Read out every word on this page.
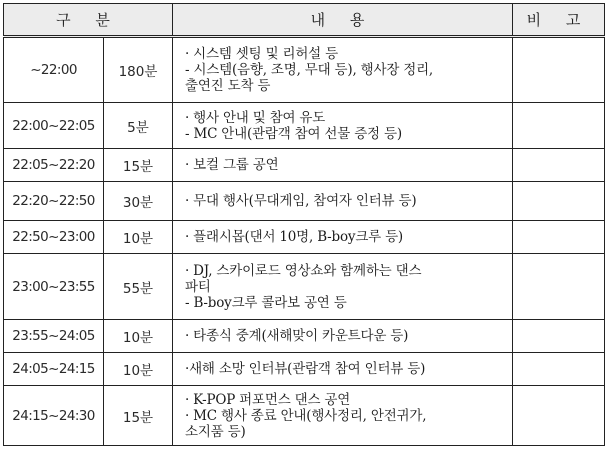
구 분		내 용	비 고
~22:00	180분	· 시스템 셋팅 및 리허설 등
- 시스템(음향, 조명, 무대 등), 행사장 정리,
출연진 도착 등	

22:00~22:05	5분	· 행사 안내 및 참여 유도
- MC 안내(관람객 참여 선물 증정 등)	

22:05~22:20	15분	· 보컬 그룹 공연	

22:20~22:50	30분	· 무대 행사(무대게임, 참여자 인터뷰 등)	

22:50~23:00	10분	· 플래시몹(댄서 10명, B-boy크루 등)	

23:00~23:55	55분	· DJ, 스카이로드 영상쇼와 함께하는 댄스
파티
- B-boy크루 콜라보 공연 등	

23:55~24:05	10분	· 타종식 중계(새해맞이 카운트다운 등)	

24:05~24:15	10분	·새해 소망 인터뷰(관람객 참여 인터뷰 등)	

24:15~24:30	15분	· K-POP 퍼포먼스 댄스 공연
· MC 행사 종료 안내(행사정리, 안전귀가,
소지품 등)	
